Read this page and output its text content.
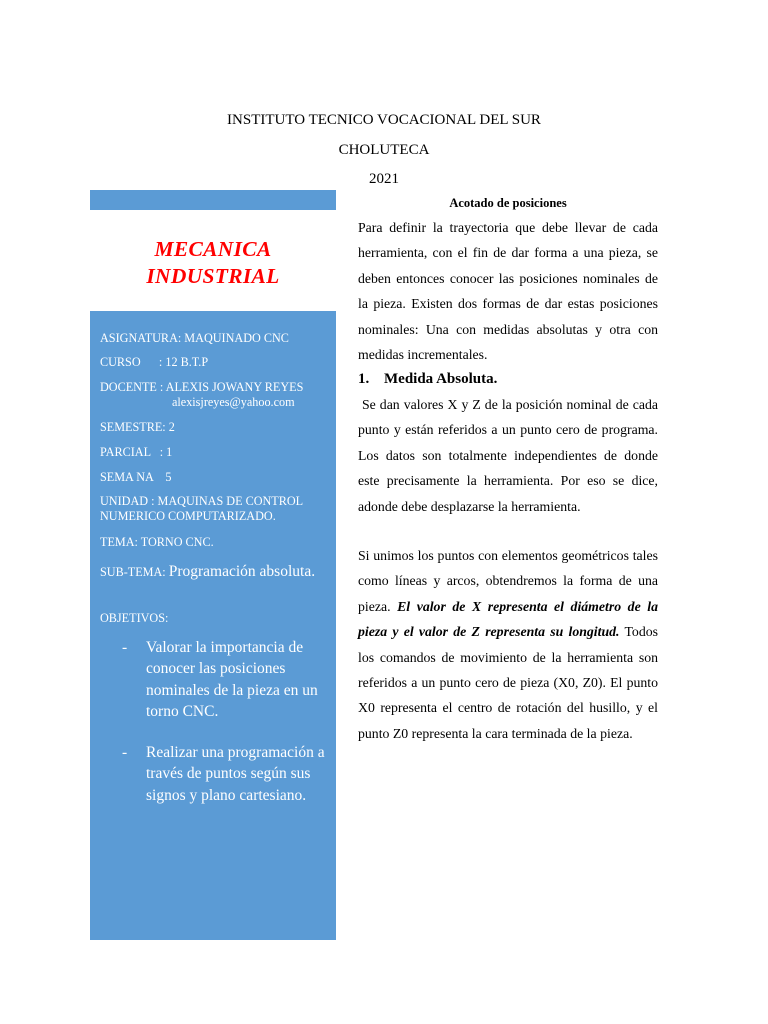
INSTITUTO TECNICO VOCACIONAL DEL SUR
CHOLUTECA
2021
MECANICA
INDUSTRIAL
ASIGNATURA: MAQUINADO CNC
CURSO      : 12 B.T.P
DOCENTE : ALEXIS JOWANY REYES
alexisjreyes@yahoo.com
SEMESTRE: 2
PARCIAL   : 1
SEMA NA    5
UNIDAD : MAQUINAS DE CONTROL NUMERICO COMPUTARIZADO.
TEMA: TORNO CNC.
SUB-TEMA: Programación absoluta.
OBJETIVOS:
- Valorar la importancia de conocer las posiciones nominales de la pieza en un torno CNC.
- Realizar una programación a través de puntos según sus signos y plano cartesiano.
Acotado de posiciones
Para definir la trayectoria que debe llevar de cada herramienta, con el fin de dar forma a una pieza, se deben entonces conocer las posiciones nominales de la pieza. Existen dos formas de dar estas posiciones nominales: Una con medidas absolutas y otra con medidas incrementales.
1. Medida Absoluta.
Se dan valores X y Z de la posición nominal de cada punto y están referidos a un punto cero de programa. Los datos son totalmente independientes de donde este precisamente la herramienta. Por eso se dice, adonde debe desplazarse la herramienta.
Si unimos los puntos con elementos geométricos tales como líneas y arcos, obtendremos la forma de una pieza. El valor de X representa el diámetro de la pieza y el valor de Z representa su longitud. Todos los comandos de movimiento de la herramienta son referidos a un punto cero de pieza (X0, Z0). El punto X0 representa el centro de rotación del husillo, y el punto Z0 representa la cara terminada de la pieza.
